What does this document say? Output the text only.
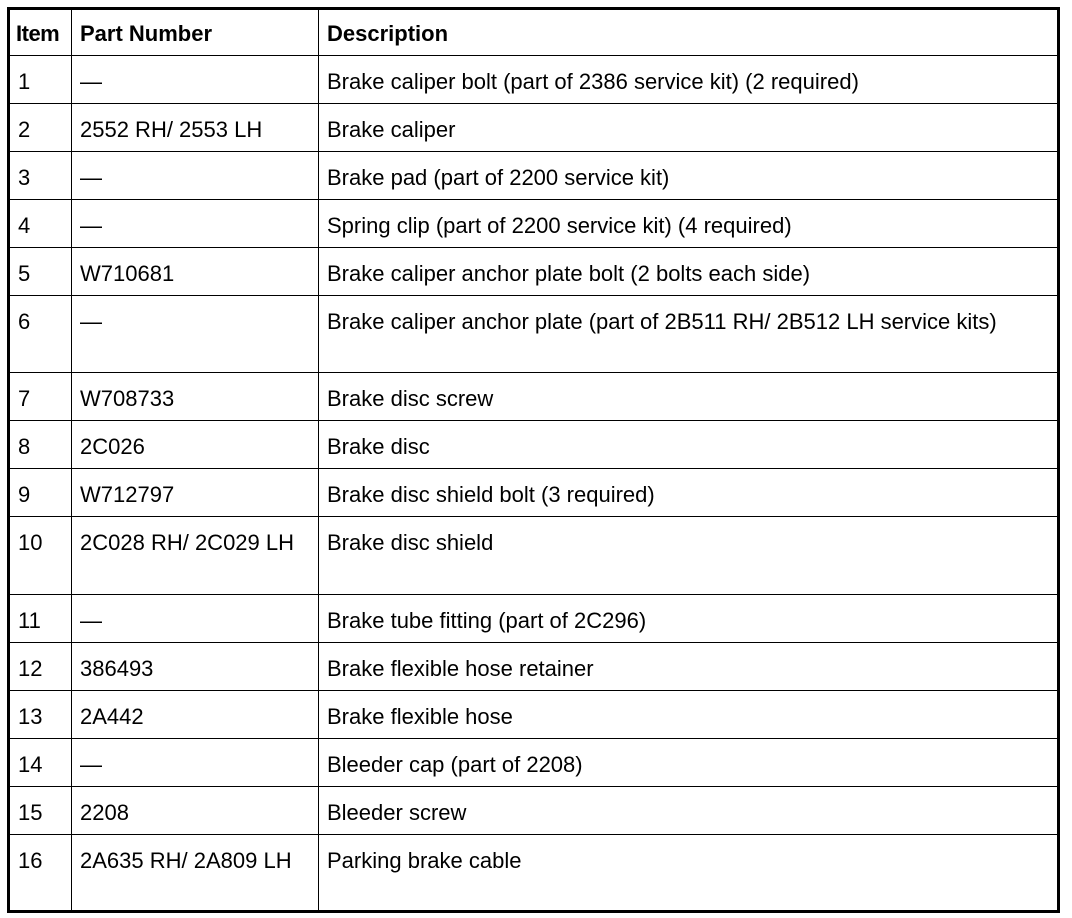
Item	Part Number	Description
1	—	Brake caliper bolt (part of 2386 service kit) (2 required)
2	2552 RH/ 2553 LH	Brake caliper
3	—	Brake pad (part of 2200 service kit)
4	—	Spring clip (part of 2200 service kit) (4 required)
5	W710681	Brake caliper anchor plate bolt (2 bolts each side)
6	—	Brake caliper anchor plate (part of 2B511 RH/ 2B512 LH service kits)
7	W708733	Brake disc screw
8	2C026	Brake disc
9	W712797	Brake disc shield bolt (3 required)
10	2C028 RH/ 2C029 LH	Brake disc shield
11	—	Brake tube fitting (part of 2C296)
12	386493	Brake flexible hose retainer
13	2A442	Brake flexible hose
14	—	Bleeder cap (part of 2208)
15	2208	Bleeder screw
16	2A635 RH/ 2A809 LH	Parking brake cable
